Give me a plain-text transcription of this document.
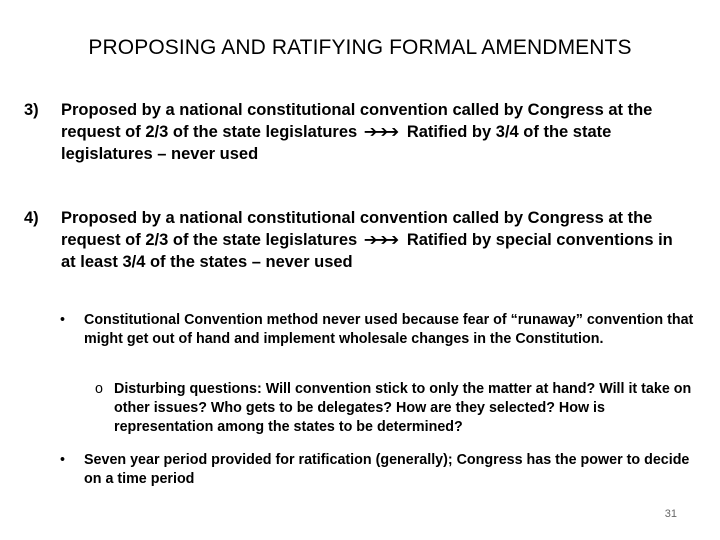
PROPOSING AND RATIFYING FORMAL AMENDMENTS
3) Proposed by a national constitutional convention called by Congress at the request of 2/3 of the state legislatures ➔➔➔ Ratified by 3/4 of the state legislatures – never used
4) Proposed by a national constitutional convention called by Congress at the request of 2/3 of the state legislatures ➔➔➔ Ratified by special conventions in at least 3/4 of the states – never used
• Constitutional Convention method never used because fear of “runaway” convention that might get out of hand and implement wholesale changes in the Constitution.
o Disturbing questions: Will convention stick to only the matter at hand? Will it take on other issues? Who gets to be delegates? How are they selected? How is representation among the states to be determined?
• Seven year period provided for ratification (generally); Congress has the power to decide on a time period
31
